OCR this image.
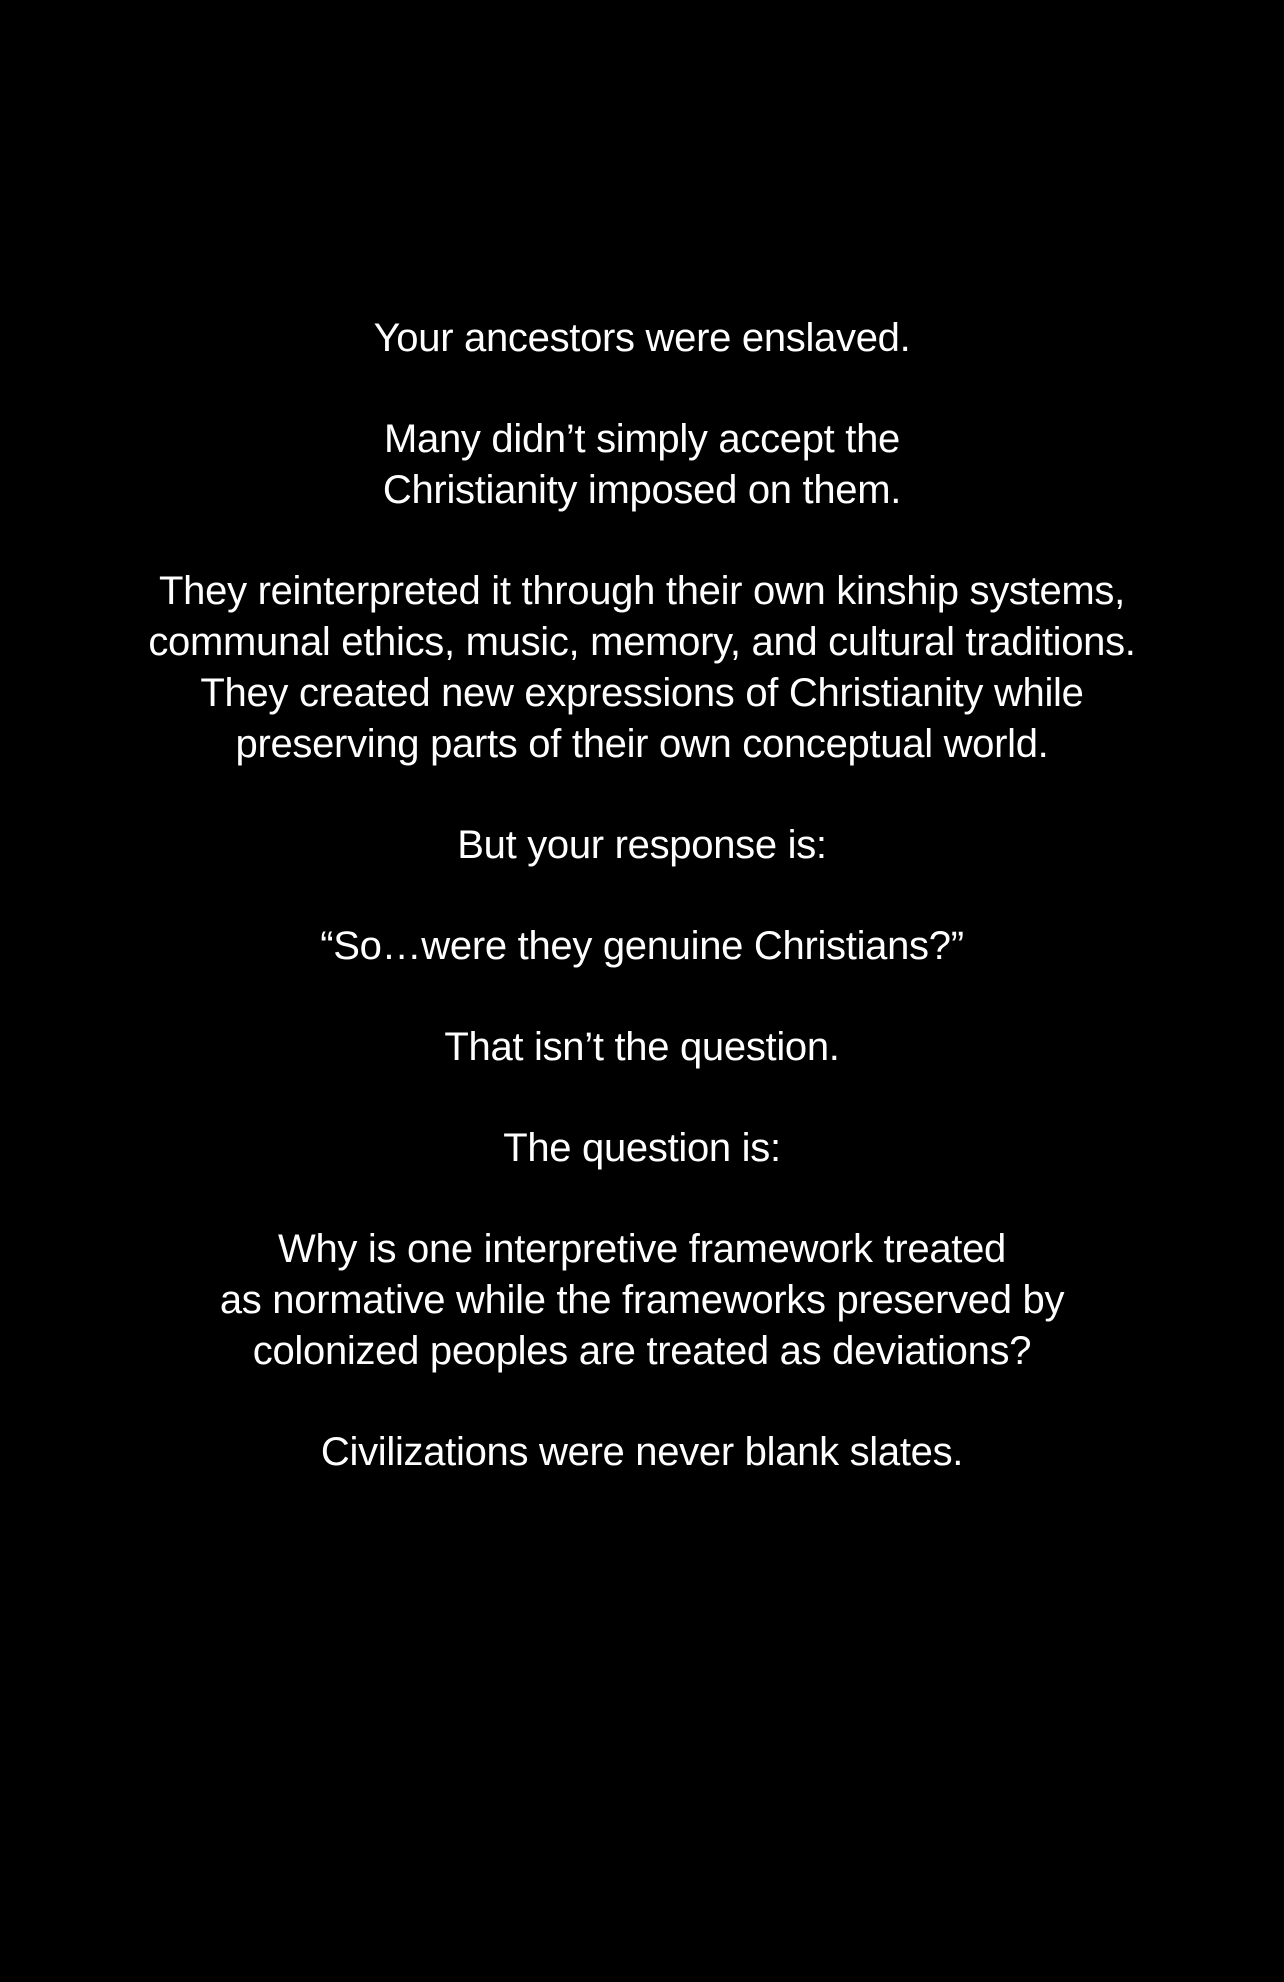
Your ancestors were enslaved.

Many didn’t simply accept the
Christianity imposed on them.

They reinterpreted it through their own kinship systems,
communal ethics, music, memory, and cultural traditions.
They created new expressions of Christianity while
preserving parts of their own conceptual world.

But your response is:

“So…were they genuine Christians?”

That isn’t the question.

The question is:

Why is one interpretive framework treated
as normative while the frameworks preserved by
colonized peoples are treated as deviations?

Civilizations were never blank slates.
